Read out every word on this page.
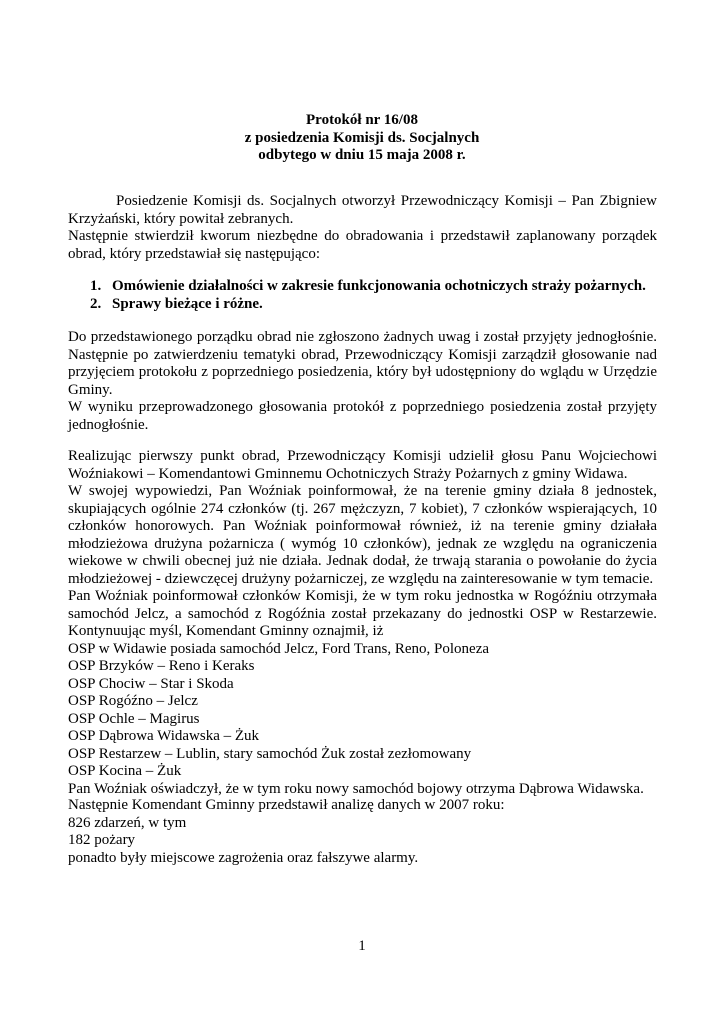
Protokół nr 16/08
z posiedzenia Komisji ds. Socjalnych
odbytego w dniu 15 maja 2008 r.
Posiedzenie Komisji ds. Socjalnych otworzył Przewodniczący Komisji – Pan Zbigniew Krzyżański, który powitał zebranych.
Następnie stwierdził kworum niezbędne do obradowania i przedstawił zaplanowany porządek obrad, który przedstawiał się następująco:
1. Omówienie działalności w zakresie funkcjonowania ochotniczych straży pożarnych.
2. Sprawy bieżące i różne.
Do przedstawionego porządku obrad nie zgłoszono żadnych uwag i został przyjęty jednogłośnie. Następnie po zatwierdzeniu tematyki obrad, Przewodniczący Komisji zarządził głosowanie nad przyjęciem protokołu z poprzedniego posiedzenia, który był udostępniony do wglądu w Urzędzie Gminy.
W wyniku przeprowadzonego głosowania protokół z poprzedniego posiedzenia został przyjęty jednogłośnie.
Realizując pierwszy punkt obrad, Przewodniczący Komisji udzielił głosu Panu Wojciechowi Woźniakowi – Komendantowi Gminnemu Ochotniczych Straży Pożarnych z gminy Widawa.
W swojej wypowiedzi, Pan Woźniak poinformował, że na terenie gminy działa 8 jednostek, skupiających ogólnie 274 członków (tj. 267 mężczyzn, 7 kobiet), 7 członków wspierających, 10 członków honorowych. Pan Woźniak poinformował również, iż na terenie gminy działała młodzieżowa drużyna pożarnicza ( wymóg 10 członków), jednak ze względu na ograniczenia wiekowe w chwili obecnej już nie działa. Jednak dodał, że trwają starania o powołanie do życia młodzieżowej - dziewczęcej drużyny pożarniczej, ze względu na zainteresowanie w tym temacie.
Pan Woźniak poinformował członków Komisji, że w tym roku jednostka w Rogóźniu otrzymała samochód Jelcz, a samochód z Rogóźnia został przekazany do jednostki OSP w Restarzewie. Kontynuując myśl, Komendant Gminny oznajmił, iż
OSP w Widawie posiada samochód Jelcz, Ford Trans, Reno, Poloneza
OSP Brzyków – Reno i Keraks
OSP Chociw – Star i Skoda
OSP Rogóźno – Jelcz
OSP Ochle – Magirus
OSP Dąbrowa Widawska – Żuk
OSP Restarzew – Lublin, stary samochód Żuk został zezłomowany
OSP Kocina – Żuk
Pan Woźniak oświadczył, że w tym roku nowy samochód bojowy otrzyma Dąbrowa Widawska.
Następnie Komendant Gminny przedstawił analizę danych w 2007 roku:
826 zdarzeń, w tym
182 pożary
ponadto były miejscowe zagrożenia oraz fałszywe alarmy.
1
